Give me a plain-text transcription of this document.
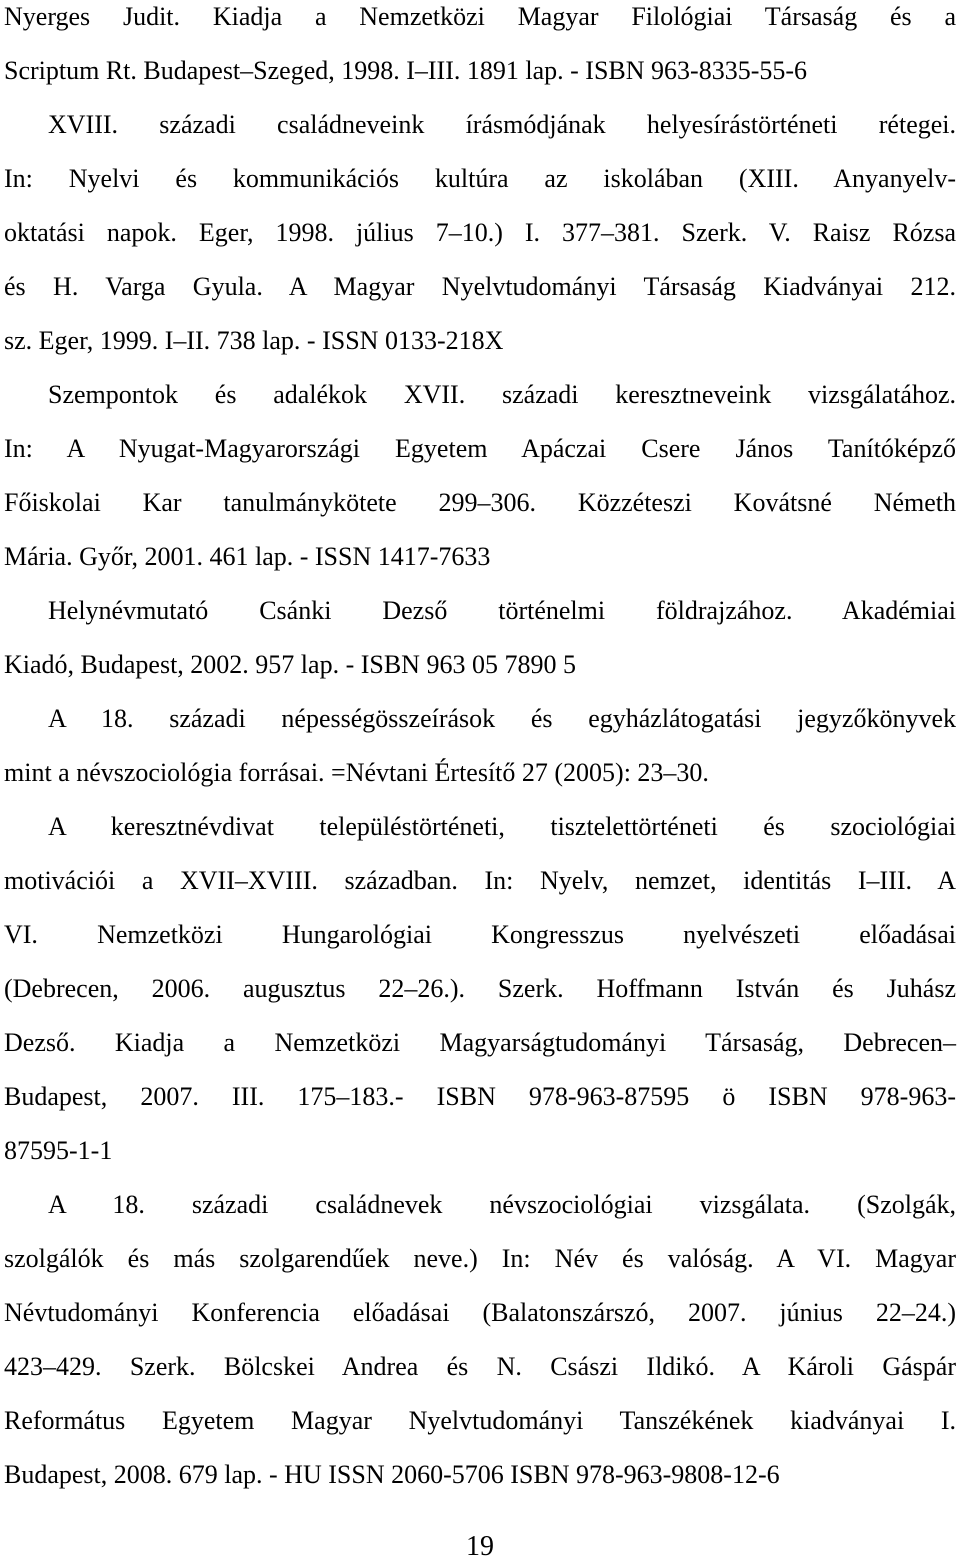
Nyerges Judit. Kiadja a Nemzetközi Magyar Filológiai Társaság és a
Scriptum Rt. Budapest–Szeged, 1998. I–III. 1891 lap. - ISBN 963-8335-55-6
XVIII. századi családneveink írásmódjának helyesírástörténeti rétegei.
In: Nyelvi és kommunikációs kultúra az iskolában (XIII. Anyanyelv-
oktatási napok. Eger, 1998. július 7–10.) I. 377–381. Szerk. V. Raisz Rózsa
és H. Varga Gyula. A Magyar Nyelvtudományi Társaság Kiadványai 212.
sz. Eger, 1999. I–II. 738 lap. - ISSN 0133-218X
Szempontok és adalékok XVII. századi keresztneveink vizsgálatához.
In: A Nyugat-Magyarországi Egyetem Apáczai Csere János Tanítóképző
Főiskolai Kar tanulmánykötete 299–306. Közzéteszi Kovátsné Németh
Mária. Győr, 2001. 461 lap. - ISSN 1417-7633
Helynévmutató Csánki Dezső történelmi földrajzához. Akadémiai
Kiadó, Budapest, 2002. 957 lap. - ISBN 963 05 7890 5
A 18. századi népességösszeírások és egyházlátogatási jegyzőkönyvek
mint a névszociológia forrásai. =Névtani Értesítő 27 (2005): 23–30.
A keresztnévdivat településtörténeti, tisztelettörténeti és szociológiai
motivációi a XVII–XVIII. században. In: Nyelv, nemzet, identitás I–III. A
VI. Nemzetközi Hungarológiai Kongresszus nyelvészeti előadásai
(Debrecen, 2006. augusztus 22–26.). Szerk. Hoffmann István és Juhász
Dezső. Kiadja a Nemzetközi Magyarságtudományi Társaság, Debrecen–
Budapest, 2007. III. 175–183.- ISBN 978-963-87595 ö ISBN 978-963-
87595-1-1
A 18. századi családnevek névszociológiai vizsgálata. (Szolgák,
szolgálók és más szolgarendűek neve.) In: Név és valóság. A VI. Magyar
Névtudományi Konferencia előadásai (Balatonszárszó, 2007. június 22–24.)
423–429. Szerk. Bölcskei Andrea és N. Császi Ildikó. A Károli Gáspár
Református Egyetem Magyar Nyelvtudományi Tanszékének kiadványai I.
Budapest, 2008. 679 lap. - HU ISSN 2060-5706 ISBN 978-963-9808-12-6
19
